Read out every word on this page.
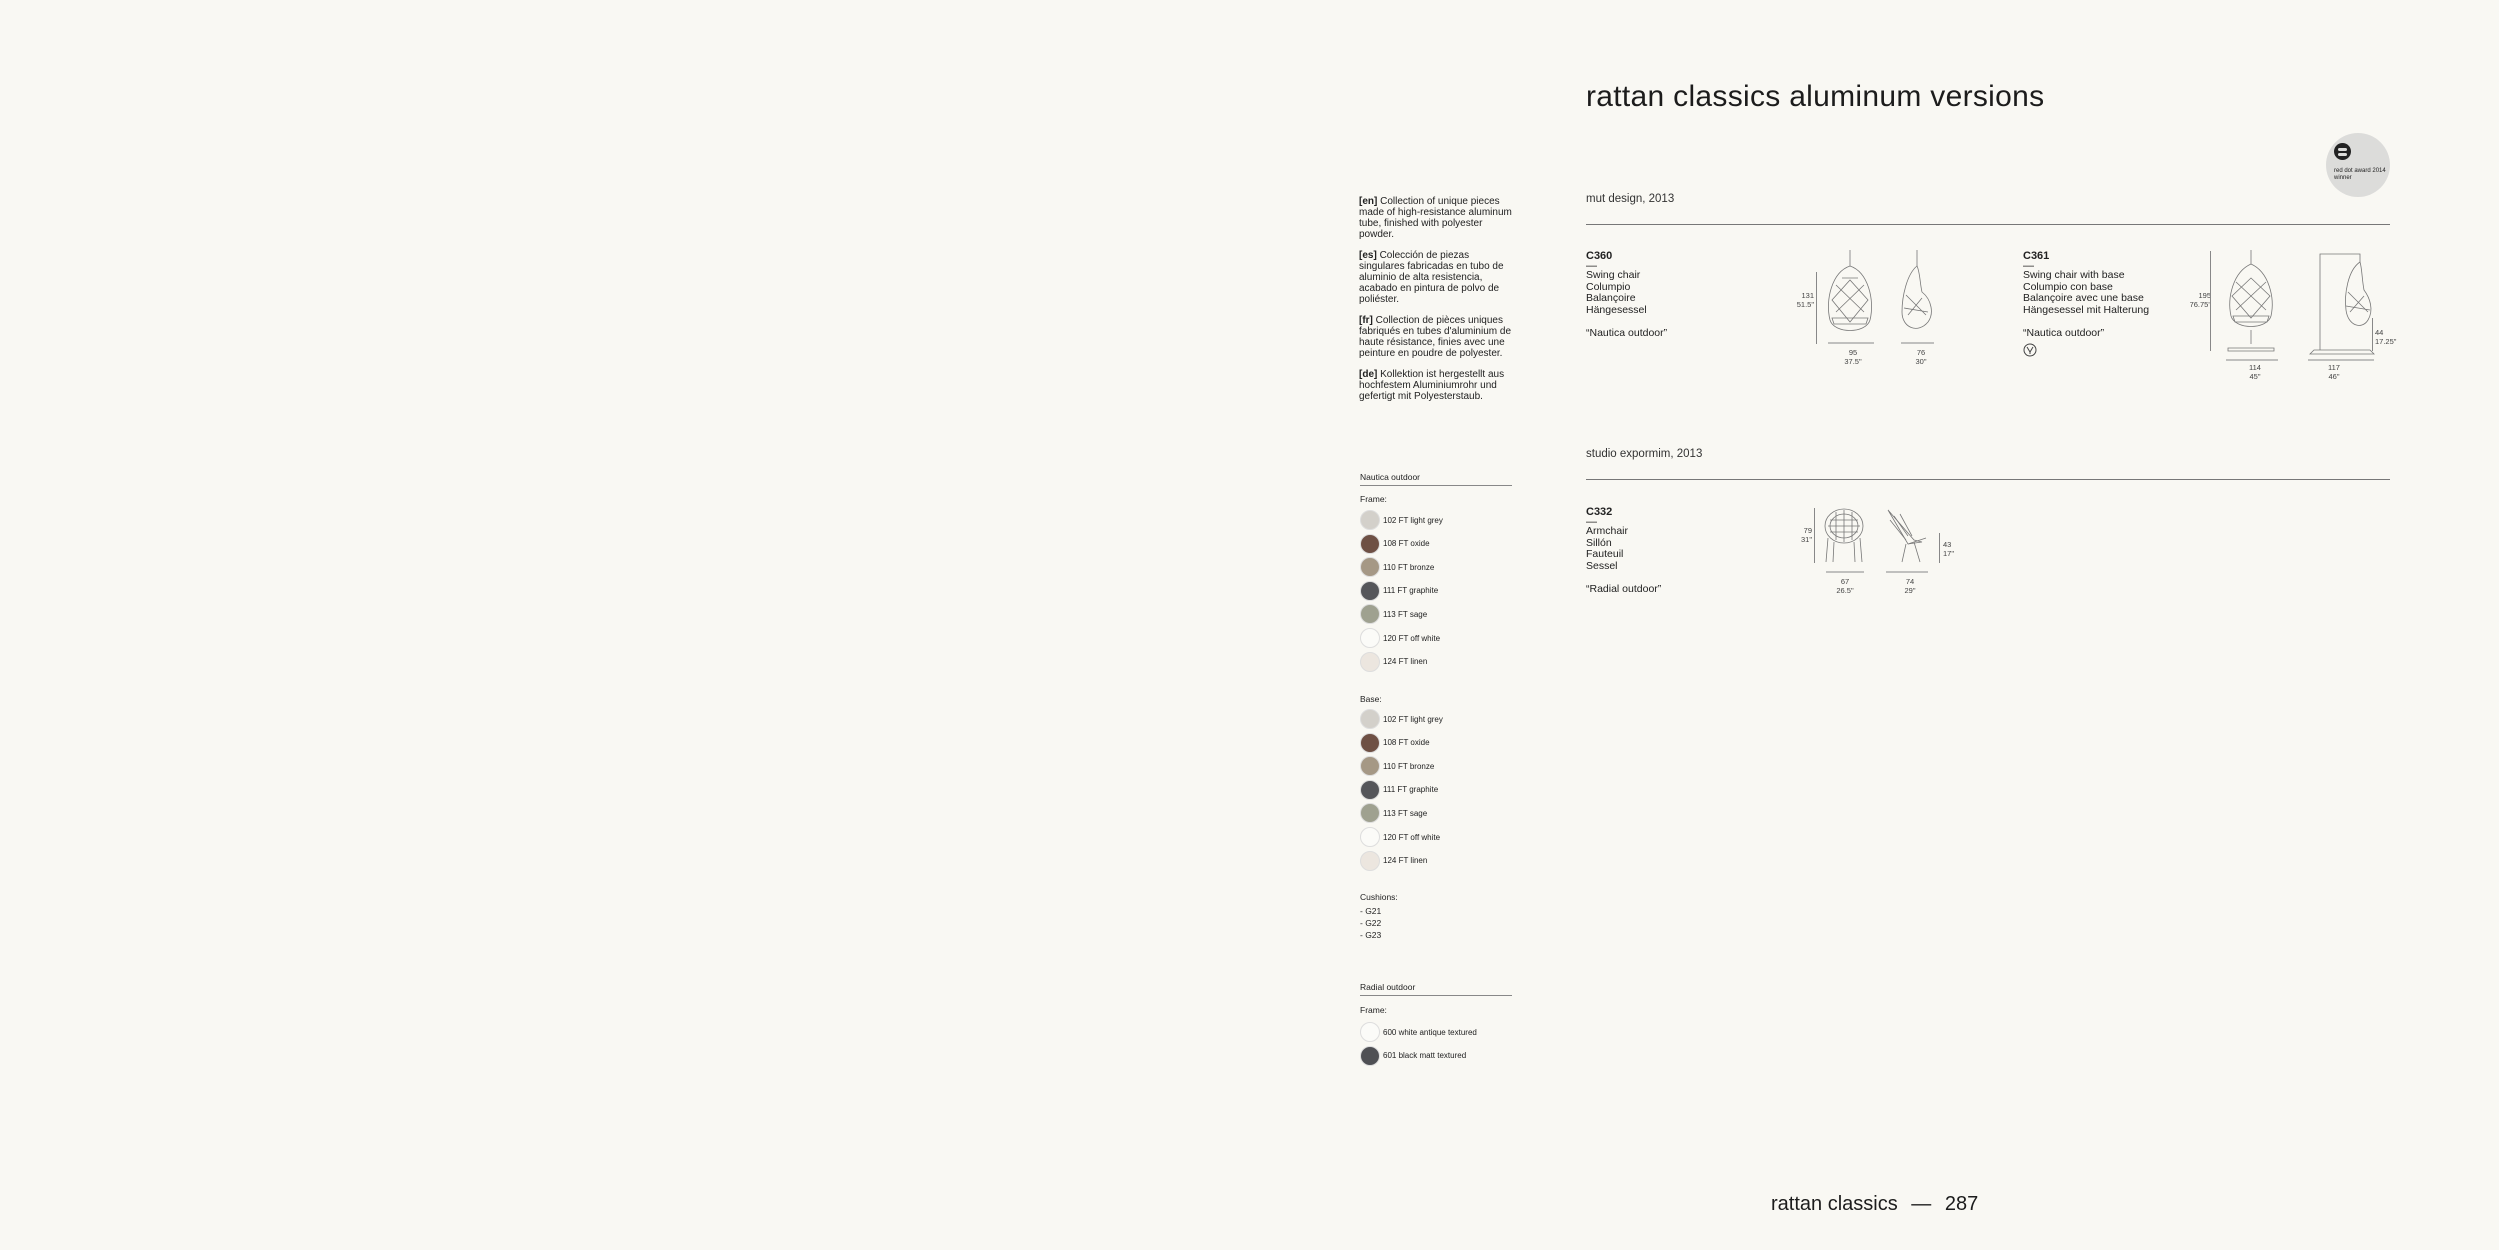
rattan classics aluminum versions
red dot award 2014
winner

[en] Collection of unique pieces made of high-resistance aluminum tube, finished with polyester powder.

[es] Colección de piezas singulares fabricadas en tubo de aluminio de alta resistencia, acabado en pintura de polvo de poliéster.

[fr] Collection de pièces uniques fabriqués en tubes d'aluminium de haute résistance, finies avec une peinture en poudre de polyester.

[de] Kollektion ist hergestellt aus hochfestem Aluminiumrohr und gefertigt mit Polyesterstaub.

mut design, 2013
C360
—
Swing chair
Columpio
Balançoire
Hängesessel
“Nautica outdoor”
131
51.5"
95
37.5"
76
30"
C361
—
Swing chair with base
Columpio con base
Balançoire avec une base
Hängesessel mit Halterung
“Nautica outdoor”
195
76.75"
44
17.25"
114
45"
117
46"
studio expormim, 2013
C332
—
Armchair
Sillón
Fauteuil
Sessel
“Radial outdoor”
79
31"
43
17"
67
26.5"
74
29"
Nautica outdoor
Frame:
102 FT light grey
108 FT oxide
110 FT bronze
111 FT graphite
113 FT sage
120 FT off white
124 FT linen
Base:
102 FT light grey
108 FT oxide
110 FT bronze
111 FT graphite
113 FT sage
120 FT off white
124 FT linen
Cushions:
- G21
- G22
- G23
Radial outdoor
Frame:
600 white antique textured
601 black matt textured
rattan classics — 287
